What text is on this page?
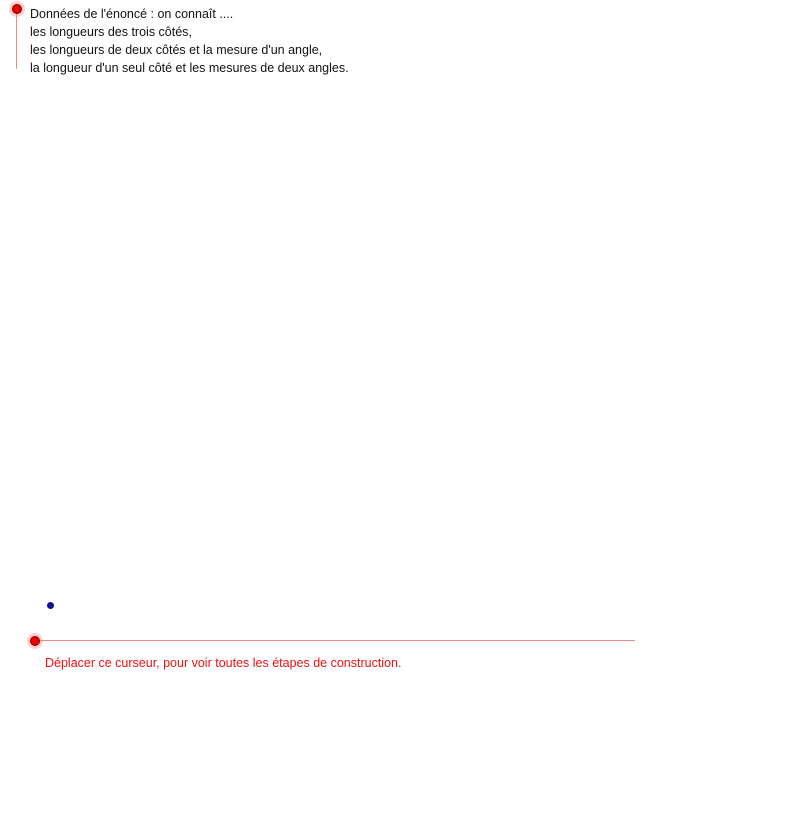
Données de l'énoncé : on connaît ....
les longueurs des trois côtés,
les longueurs de deux côtés et la mesure d'un angle,
la longueur d'un seul côté et les mesures de deux angles.
Déplacer ce curseur, pour voir toutes les étapes de construction.
